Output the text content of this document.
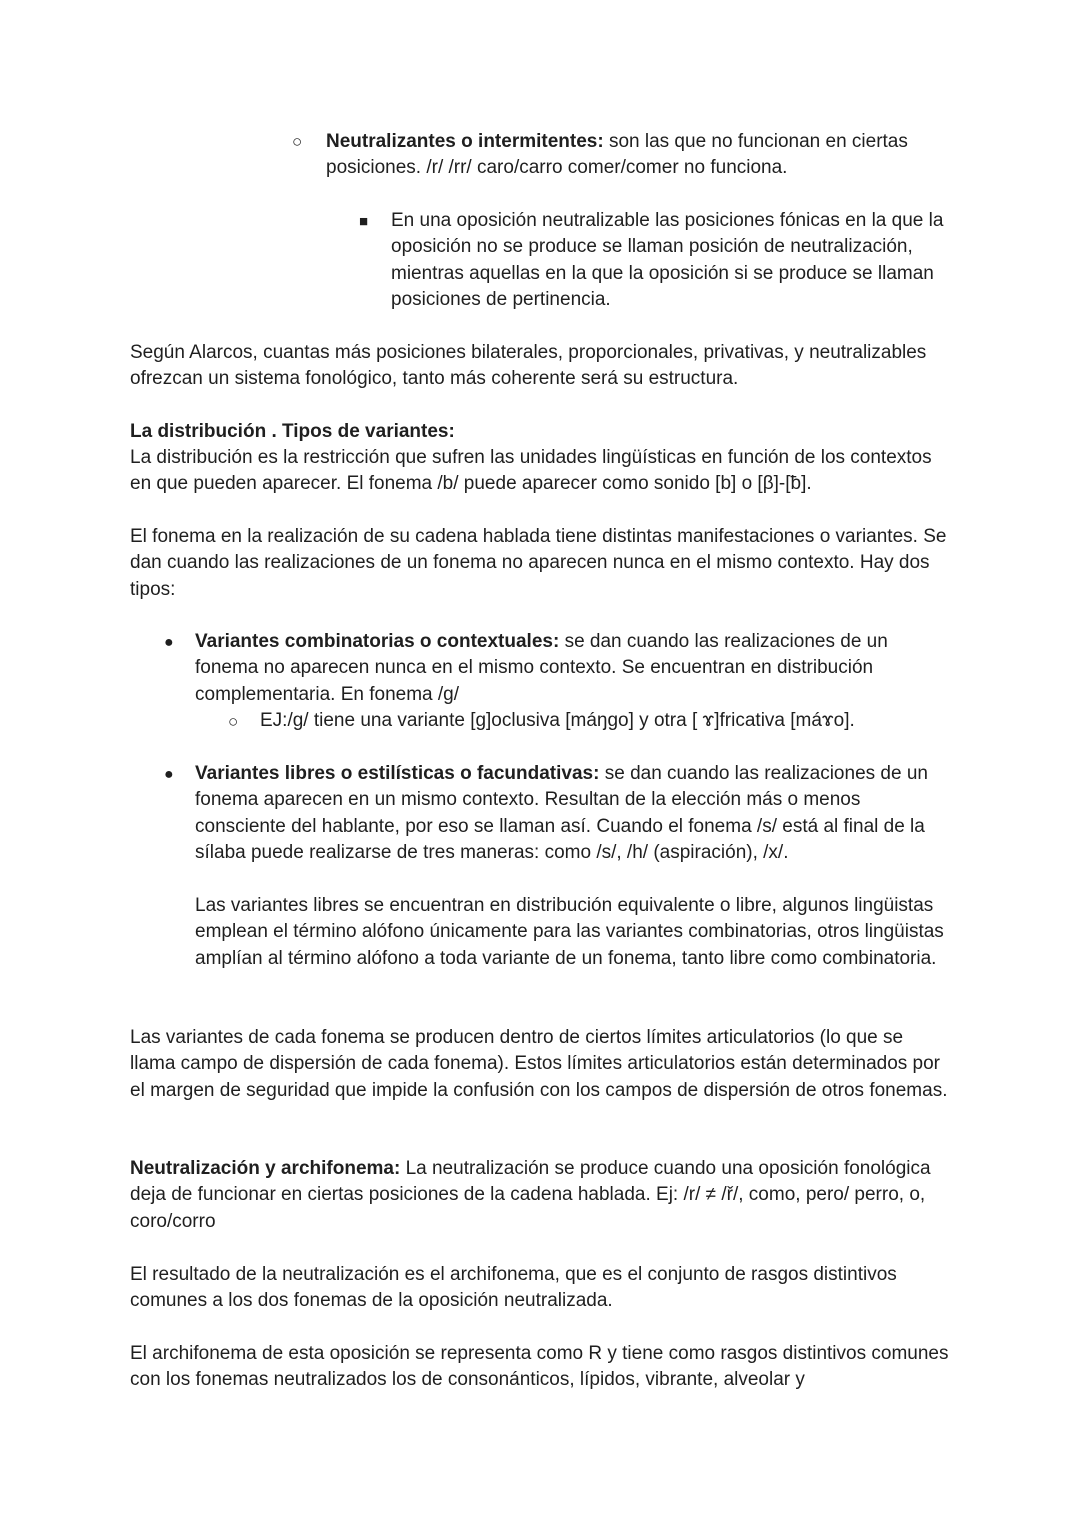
○ Neutralizantes o intermitentes: son las que no funcionan en ciertas posiciones. /r/ /rr/ caro/carro comer/comer no funciona.

■ En una oposición neutralizable las posiciones fónicas en la que la oposición no se produce se llaman posición de neutralización, mientras aquellas en la que la oposición si se produce se llaman posiciones de pertinencia.

Según Alarcos, cuantas más posiciones bilaterales, proporcionales, privativas, y neutralizables ofrezcan un sistema fonológico, tanto más coherente será su estructura.

La distribución . Tipos de variantes:

La distribución es la restricción que sufren las unidades lingüísticas en función de los contextos en que pueden aparecer. El fonema /b/ puede aparecer como sonido [b] o [β]-[ƀ].

El fonema en la realización de su cadena hablada tiene distintas manifestaciones o variantes. Se dan cuando las realizaciones de un fonema no aparecen nunca en el mismo contexto. Hay dos tipos:

● Variantes combinatorias o contextuales: se dan cuando las realizaciones de un fonema no aparecen nunca en el mismo contexto. Se encuentran en distribución complementaria. En fonema /g/

○ EJ:/g/ tiene una variante [g]oclusiva [máŋgo] y otra [ ɤ]fricativa [máɤo].

● Variantes libres o estilísticas o facundativas: se dan cuando las realizaciones de un fonema aparecen en un mismo contexto. Resultan de la elección más o menos consciente del hablante, por eso se llaman así. Cuando el fonema /s/ está al final de la sílaba puede realizarse de tres maneras: como /s/, /h/ (aspiración), /x/.

Las variantes libres se encuentran en distribución equivalente o libre, algunos lingüistas emplean el término alófono únicamente para las variantes combinatorias, otros lingüistas amplían al término alófono a toda variante de un fonema, tanto libre como combinatoria.

Las variantes de cada fonema se producen dentro de ciertos límites articulatorios (lo que se llama campo de dispersión de cada fonema). Estos límites articulatorios están determinados por el margen de seguridad que impide la confusión con los campos de dispersión de otros fonemas.

Neutralización y archifonema: La neutralización se produce cuando una oposición fonológica deja de funcionar en ciertas posiciones de la cadena hablada. Ej: /r/ ≠ /ř/, como, pero/ perro, o, coro/corro

El resultado de la neutralización es el archifonema, que es el conjunto de rasgos distintivos comunes a los dos fonemas de la oposición neutralizada.

El archifonema de esta oposición se representa como R y tiene como rasgos distintivos comunes con los fonemas neutralizados los de consonánticos, lípidos, vibrante, alveolar y
